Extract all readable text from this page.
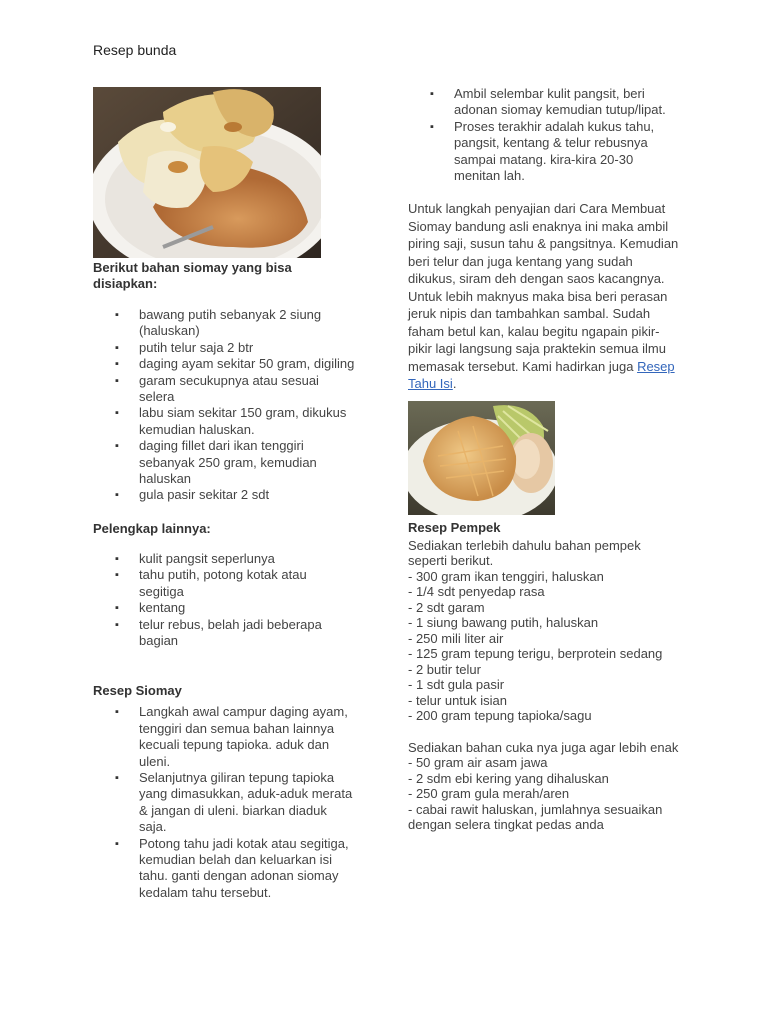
Resep bunda
Berikut bahan siomay yang bisa disiapkan:
▪ bawang putih sebanyak 2 siung (haluskan)
▪ putih telur saja 2 btr
▪ daging ayam sekitar 50 gram, digiling
▪ garam secukupnya atau sesuai selera
▪ labu siam sekitar 150 gram, dikukus kemudian haluskan.
▪ daging fillet dari ikan tenggiri sebanyak 250 gram, kemudian haluskan
▪ gula pasir sekitar 2 sdt
Pelengkap lainnya:
▪ kulit pangsit seperlunya
▪ tahu putih, potong kotak atau segitiga
▪ kentang
▪ telur rebus, belah jadi beberapa bagian
Resep Siomay
▪ Langkah awal campur daging ayam, tenggiri dan semua bahan lainnya kecuali tepung tapioka. aduk dan uleni.
▪ Selanjutnya giliran tepung tapioka yang dimasukkan, aduk-aduk merata & jangan di uleni. biarkan diaduk saja.
▪ Potong tahu jadi kotak atau segitiga, kemudian belah dan keluarkan isi tahu. ganti dengan adonan siomay kedalam tahu tersebut.
▪ Ambil selembar kulit pangsit, beri adonan siomay kemudian tutup/lipat.
▪ Proses terakhir adalah kukus tahu, pangsit, kentang & telur rebusnya sampai matang. kira-kira 20-30 menitan lah.
Untuk langkah penyajian dari Cara Membuat Siomay bandung asli enaknya ini maka ambil piring saji, susun tahu & pangsitnya. Kemudian beri telur dan juga kentang yang sudah dikukus, siram deh dengan saos kacangnya. Untuk lebih maknyus maka bisa beri perasan jeruk nipis dan tambahkan sambal. Sudah faham betul kan, kalau begitu ngapain pikir-pikir lagi langsung saja praktekin semua ilmu memasak tersebut. Kami hadirkan juga Resep Tahu Isi.
Resep Pempek
Sediakan terlebih dahulu bahan pempek seperti berikut.
- 300 gram ikan tenggiri, haluskan
- 1/4 sdt penyedap rasa
- 2 sdt garam
- 1 siung bawang putih, haluskan
- 250 mili liter air
- 125 gram tepung terigu, berprotein sedang
- 2 butir telur
- 1 sdt gula pasir
- telur untuk isian
- 200 gram tepung tapioka/sagu
Sediakan bahan cuka nya juga agar lebih enak
- 50 gram air asam jawa
- 2 sdm ebi kering yang dihaluskan
- 250 gram gula merah/aren
- cabai rawit haluskan, jumlahnya sesuaikan dengan selera tingkat pedas anda
